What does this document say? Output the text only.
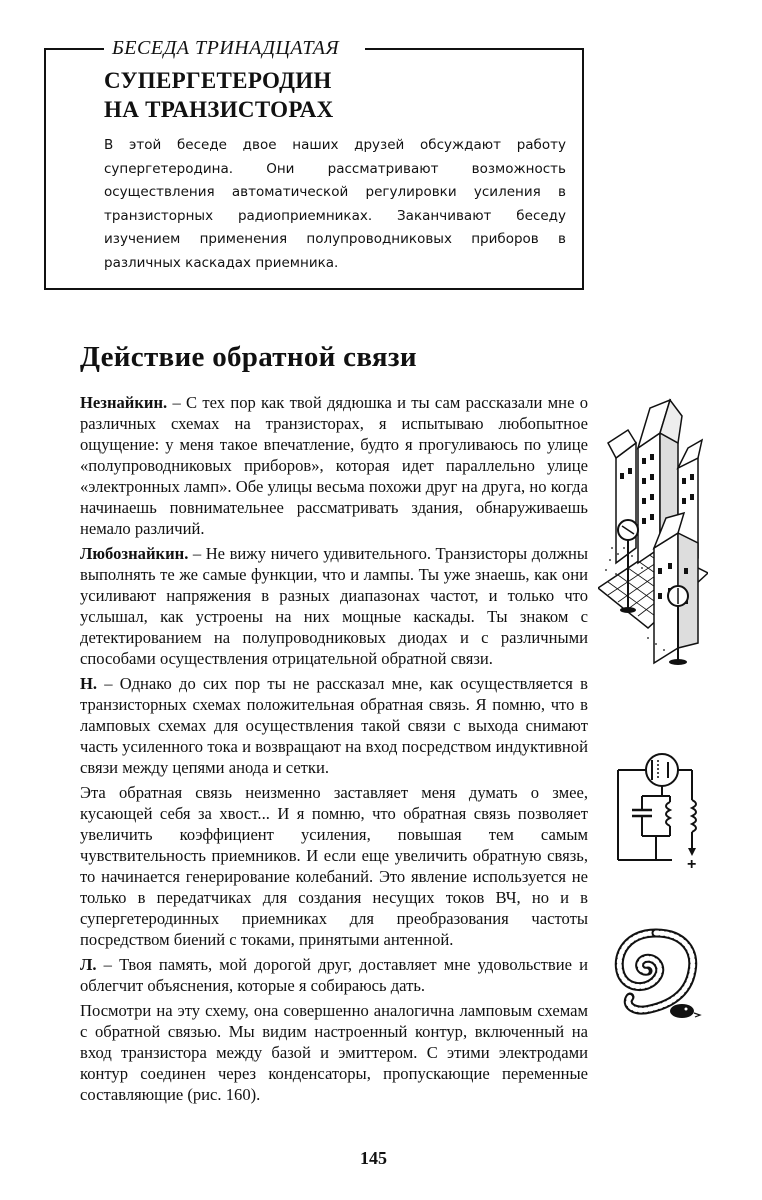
БЕСЕДА ТРИНАДЦАТАЯ
СУПЕРГЕТЕРОДИН
НА ТРАНЗИСТОРАХ
В этой беседе двое наших друзей обсуждают работу супергетеродина. Они рассматривают возможность осуществления автоматической регулировки усиления в транзисторных радиоприемниках. Заканчивают беседу изучением применения полупроводниковых приборов в различных каскадах приемника.
Действие обратной связи

Незнайкин. – С тех пор как твой дядюшка и ты сам рассказали мне о различных схемах на транзисторах, я испытываю любопытное ощущение: у меня такое впечатление, будто я прогуливаюсь по улице «полупроводниковых приборов», которая идет параллельно улице «электронных ламп». Обе улицы весьма похожи друг на друга, но когда начинаешь повнимательнее рассматривать здания, обнаруживаешь немало различий.

Любознайкин. – Не вижу ничего удивительного. Транзисторы должны выполнять те же самые функции, что и лампы. Ты уже знаешь, как они усиливают напряжения в разных диапазонах частот, и только что услышал, как устроены на них мощные каскады. Ты знаком с детектированием на полупроводниковых диодах и с различными способами осуществления отрицательной обратной связи.

Н. – Однако до сих пор ты не рассказал мне, как осуществляется в транзисторных схемах положительная обратная связь. Я помню, что в ламповых схемах для осуществления такой связи с выхода снимают часть усиленного тока и возвращают на вход посредством индуктивной связи между цепями анода и сетки.

Эта обратная связь неизменно заставляет меня думать о змее, кусающей себя за хвост... И я помню, что обратная связь позволяет увеличить коэффициент усиления, повышая тем самым чувствительность приемников. И если еще увеличить обратную связь, то начинается генерирование колебаний. Это явление используется не только в передатчиках для создания несущих токов ВЧ, но и в супергетеродинных приемниках для преобразования частоты посредством биений с токами, принятыми антенной.

Л. – Твоя память, мой дорогой друг, доставляет мне удовольствие и облегчит объяснения, которые я собираюсь дать.

Посмотри на эту схему, она совершенно аналогична ламповым схемам с обратной связью. Мы видим настроенный контур, включенный на вход транзистора между базой и эмиттером. С этими электродами контур соединен через конденсаторы, пропускающие переменные составляющие (рис. 160).

+
145
